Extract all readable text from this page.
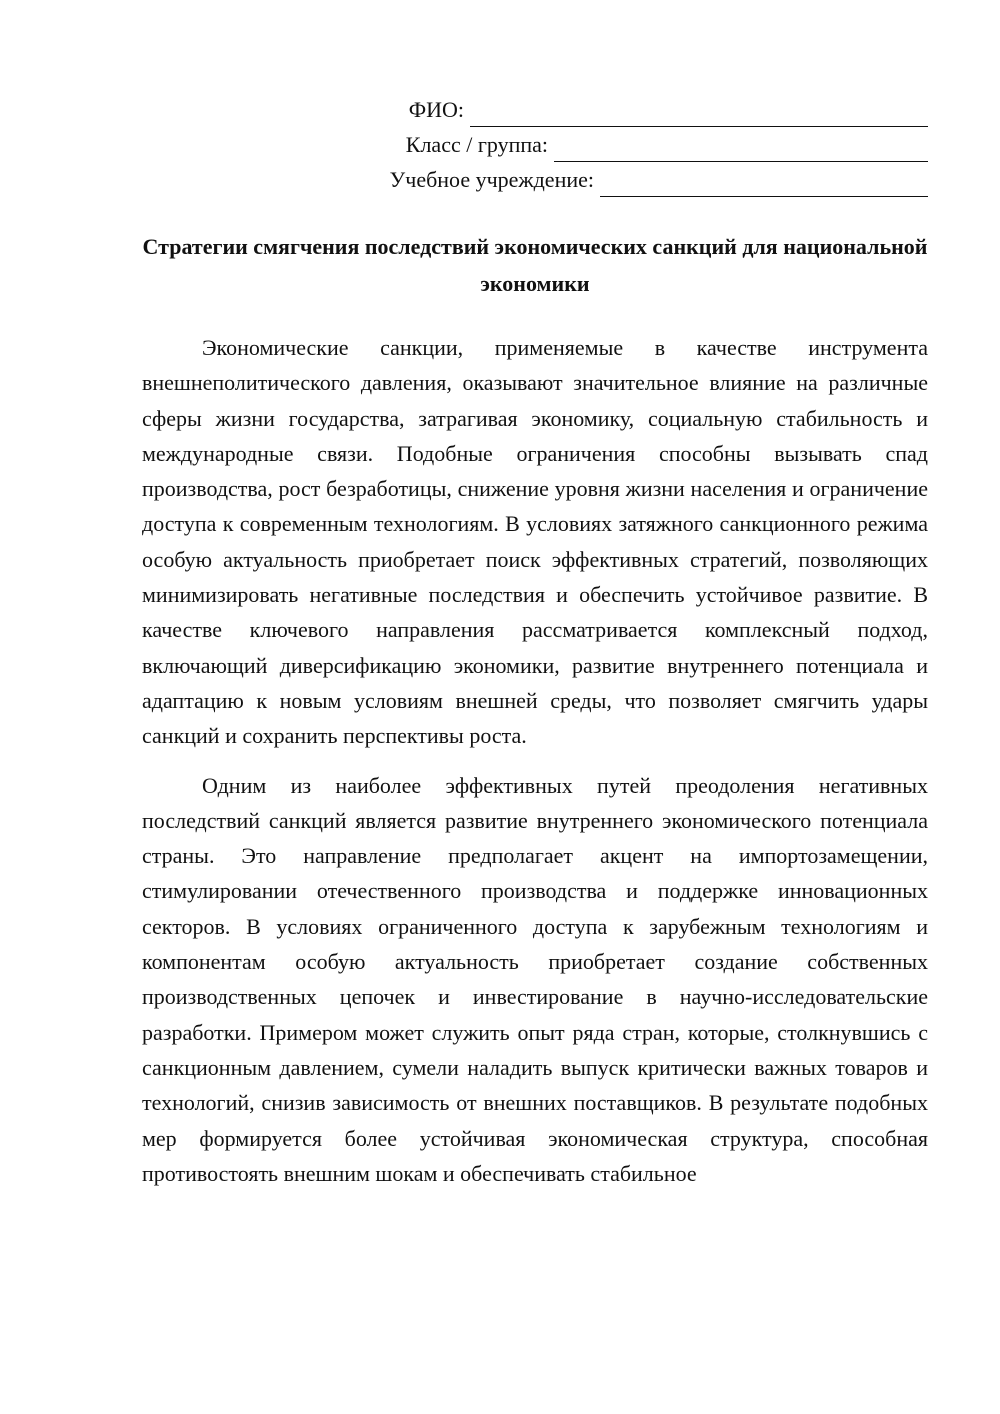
ФИО:
Класс / группа:
Учебное учреждение:
Стратегии смягчения последствий экономических санкций для национальной экономики

Экономические санкции, применяемые в качестве инструмента внешнеполитического давления, оказывают значительное влияние на различные сферы жизни государства, затрагивая экономику, социальную стабильность и международные связи. Подобные ограничения способны вызывать спад производства, рост безработицы, снижение уровня жизни населения и ограничение доступа к современным технологиям. В условиях затяжного санкционного режима особую актуальность приобретает поиск эффективных стратегий, позволяющих минимизировать негативные последствия и обеспечить устойчивое развитие. В качестве ключевого направления рассматривается комплексный подход, включающий диверсификацию экономики, развитие внутреннего потенциала и адаптацию к новым условиям внешней среды, что позволяет смягчить удары санкций и сохранить перспективы роста.

Одним из наиболее эффективных путей преодоления негативных последствий санкций является развитие внутреннего экономического потенциала страны. Это направление предполагает акцент на импортозамещении, стимулировании отечественного производства и поддержке инновационных секторов. В условиях ограниченного доступа к зарубежным технологиям и компонентам особую актуальность приобретает создание собственных производственных цепочек и инвестирование в научно-исследовательские разработки. Примером может служить опыт ряда стран, которые, столкнувшись с санкционным давлением, сумели наладить выпуск критически важных товаров и технологий, снизив зависимость от внешних поставщиков. В результате подобных мер формируется более устойчивая экономическая структура, способная противостоять внешним шокам и обеспечивать стабильное
